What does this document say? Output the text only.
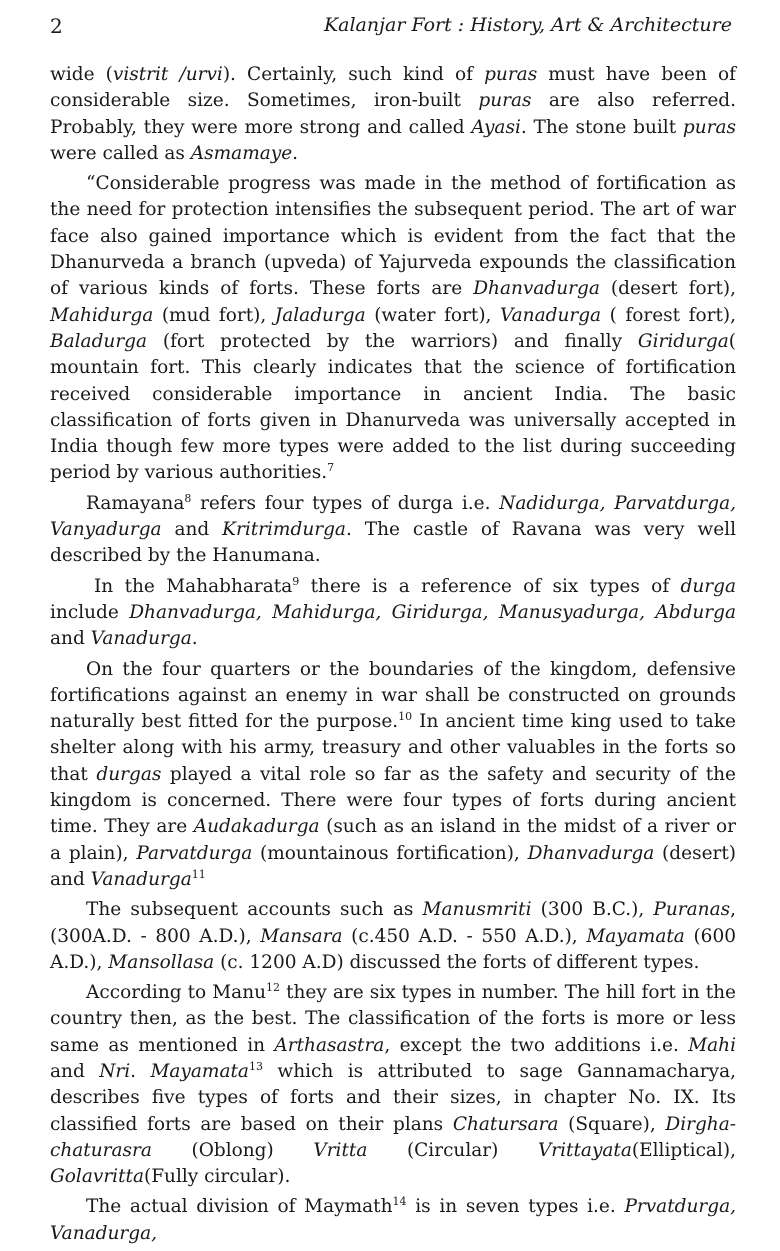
2	Kalanjar Fort : History, Art & Architecture

wide (vistrit /urvi). Certainly, such kind of puras must have been of considerable size. Sometimes, iron-built puras are also referred. Probably, they were more strong and called Ayasi. The stone built puras were called as Asmamaye.

“Considerable progress was made in the method of fortification as the need for protection intensifies the subsequent period. The art of war face also gained importance which is evident from the fact that the Dhanurveda a branch (upveda) of Yajurveda expounds the classification of various kinds of forts. These forts are Dhanvadurga (desert fort), Mahidurga (mud fort), Jaladurga (water fort), Vanadurga ( forest fort), Baladurga (fort protected by the warriors) and finally Giridurga( mountain fort. This clearly indicates that the science of fortification received considerable importance in ancient India. The basic classification of forts given in Dhanurveda was universally accepted in India though few more types were added to the list during succeeding period by various authorities.$^7$

Ramayana$^8$ refers four types of durga i.e. Nadidurga, Parvatdurga, Vanyadurga and Kritrimdurga. The castle of Ravana was very well described by the Hanumana.

In the Mahabharata$^9$ there is a reference of six types of durga include Dhanvadurga, Mahidurga, Giridurga, Manusyadurga, Abdurga and Vanadurga.

On the four quarters or the boundaries of the kingdom, defensive fortifications against an enemy in war shall be constructed on grounds naturally best fitted for the purpose.$^{10}$ In ancient time king used to take shelter along with his army, treasury and other valuables in the forts so that durgas played a vital role so far as the safety and security of the kingdom is concerned. There were four types of forts during ancient time. They are Audakadurga (such as an island in the midst of a river or a plain), Parvatdurga (mountainous fortification), Dhanvadurga (desert) and Vanadurga$^{11}$

The subsequent accounts such as Manusmriti (300 B.C.), Puranas, (300A.D. - 800 A.D.), Mansara (c.450 A.D. - 550 A.D.), Mayamata (600 A.D.), Mansollasa (c. 1200 A.D) discussed the forts of different types.

According to Manu$^{12}$ they are six types in number. The hill fort in the country then, as the best. The classification of the forts is more or less same as mentioned in Arthasastra, except the two additions i.e. Mahi and Nri. Mayamata$^{13}$ which is attributed to sage Gannamacharya, describes five types of forts and their sizes, in chapter No. IX. Its classified forts are based on their plans Chatursara (Square), Dirgha- chaturasra (Oblong) Vritta (Circular) Vrittayata(Elliptical), Golavritta(Fully circular).

The actual division of Maymath$^{14}$ is in seven types i.e. Prvatdurga, Vanadurga,
